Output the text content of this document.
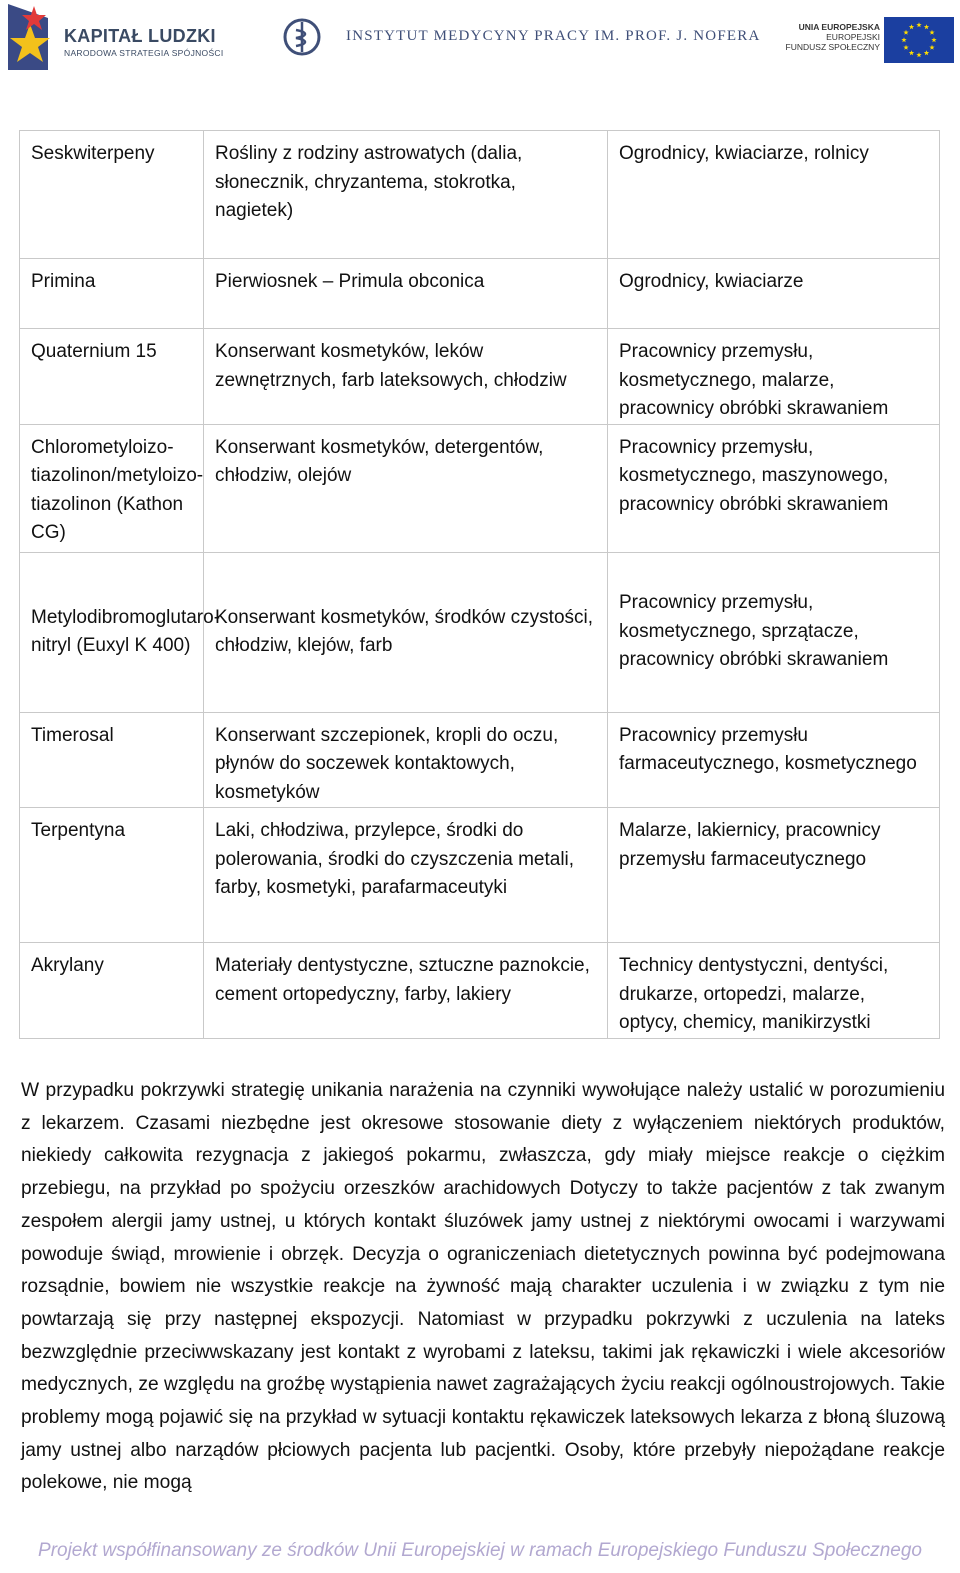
KAPITAŁ LUDZKI
NARODOWA STRATEGIA SPÓJNOŚCI
INSTYTUT MEDYCYNY PRACY IM. PROF. J. NOFERA
UNIA EUROPEJSKA
EUROPEJSKI
FUNDUSZ SPOŁECZNY
Seskwiterpeny	Rośliny z rodziny astrowatych (dalia, słonecznik, chryzantema, stokrotka, nagietek)	Ogrodnicy, kwiaciarze, rolnicy
Primina	Pierwiosnek – Primula obconica	Ogrodnicy, kwiaciarze
Quaternium 15	Konserwant kosmetyków, leków zewnętrznych, farb lateksowych, chłodziw	Pracownicy przemysłu, kosmetycznego, malarze, pracownicy obróbki skrawaniem
Chlorometyloizo-tiazolinon/metyloizo-tiazolinon (Kathon CG)	Konserwant kosmetyków, detergentów, chłodziw, olejów	Pracownicy przemysłu, kosmetycznego, maszynowego, pracownicy obróbki skrawaniem
Metylodibromoglutaro-nitryl (Euxyl K 400)	Konserwant kosmetyków, środków czystości, chłodziw, klejów, farb	Pracownicy przemysłu, kosmetycznego, sprzątacze, pracownicy obróbki skrawaniem
Timerosal	Konserwant szczepionek, kropli do oczu, płynów do soczewek kontaktowych, kosmetyków	Pracownicy przemysłu farmaceutycznego, kosmetycznego
Terpentyna	Laki, chłodziwa, przylepce, środki do polerowania, środki do czyszczenia metali, farby, kosmetyki, parafarmaceutyki	Malarze, lakiernicy, pracownicy przemysłu farmaceutycznego
Akrylany	Materiały dentystyczne, sztuczne paznokcie, cement ortopedyczny, farby, lakiery	Technicy dentystyczni, dentyści, drukarze, ortopedzi, malarze, optycy, chemicy, manikirzystki
W przypadku pokrzywki strategię unikania narażenia na czynniki wywołujące należy ustalić w porozumieniu z lekarzem. Czasami niezbędne jest okresowe stosowanie diety z wyłączeniem niektórych produktów, niekiedy całkowita rezygnacja z jakiegoś pokarmu, zwłaszcza, gdy miały miejsce reakcje o ciężkim przebiegu, na przykład po spożyciu orzeszków arachidowych Dotyczy to także pacjentów z tak zwanym zespołem alergii jamy ustnej, u których kontakt śluzówek jamy ustnej z niektórymi owocami i warzywami powoduje świąd, mrowienie i obrzęk. Decyzja o ograniczeniach dietetycznych powinna być podejmowana rozsądnie, bowiem nie wszystkie reakcje na żywność mają charakter uczulenia i w związku z tym nie powtarzają się przy następnej ekspozycji. Natomiast w przypadku pokrzywki z uczulenia na lateks bezwzględnie przeciwwskazany jest kontakt z wyrobami z lateksu, takimi jak rękawiczki i wiele akcesoriów medycznych, ze względu na groźbę wystąpienia nawet zagrażających życiu reakcji ogólnoustrojowych. Takie problemy mogą pojawić się na przykład w sytuacji kontaktu rękawiczek lateksowych lekarza z błoną śluzową jamy ustnej albo narządów płciowych pacjenta lub pacjentki. Osoby, które przebyły niepożądane reakcje polekowe, nie mogą
Projekt współfinansowany ze środków Unii Europejskiej w ramach Europejskiego Funduszu Społecznego
